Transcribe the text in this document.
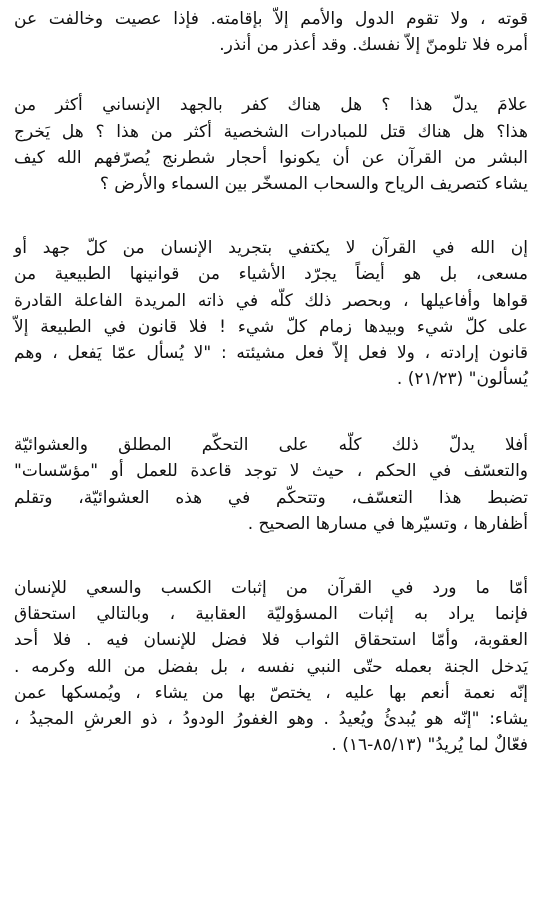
قوته ، ولا تقوم الدول والأمم إلاّ بإقامته. فإذا عصيت وخالفت عن
أمره فلا تلومنّ إلاّ نفسك. وقد أعذر من أنذر.
علامَ يدلّ هذا ؟ هل هناك كفر بالجهد الإنساني أكثر من
هذا؟ هل هناك قتل للمبادرات الشخصية أكثر من هذا ؟ هل يَخرج
البشر من القرآن عن أن يكونوا أحجار شطرنج يُصرّفهم الله كيف
يشاء كتصريف الرياح والسحاب المسخّر بين السماء والأرض ؟
إن الله في القرآن لا يكتفي بتجريد الإنسان من كلّ جهد أو
مسعى، بل هو أيضاً يجرّد الأشياء من قوانينها الطبيعية من
قواها وأفاعيلها ، وبحصر ذلك كلّه في ذاته المريدة الفاعلة القادرة
على كلّ شيء وبيدها زمام كلّ شيء ! فلا قانون في الطبيعة إلاّ
قانون إرادته ، ولا فعل إلاّ فعل مشيئته : "لا يُسأل عمّا يَفعل ، وهم
يُسألون" (٢١/٢٣) .
أفلا يدلّ ذلك كلّه على التحكّم المطلق والعشوائيّة
والتعسّف في الحكم ، حيث لا توجد قاعدة للعمل أو "مؤسّسات"
تضبط هذا التعسّف، وتتحكّم في هذه العشوائيّة، وتقلم
أظفارها ، وتسيّرها في مسارها الصحيح .
أمّا ما ورد في القرآن من إثبات الكسب والسعي للإنسان
فإنما يراد به إثبات المسؤوليّة العقابية ، وبالتالي استحقاق
العقوبة، وأمّا استحقاق الثواب فلا فضل للإنسان فيه . فلا أحد
يَدخل الجنة بعمله حتّى النبي نفسه ، بل بفضل من الله وكرمه .
إنّه نعمة أنعم بها عليه ، يختصّ بها من يشاء ، ويُمسكها عمن
يشاء: "إنّه هو يُبدئُ ويُعيدُ . وهو الغفورُ الودودُ ، ذو العرشِ المجيدُ ،
فعّالٌ لما يُريدُ" (٨٥/١٣-١٦) .
